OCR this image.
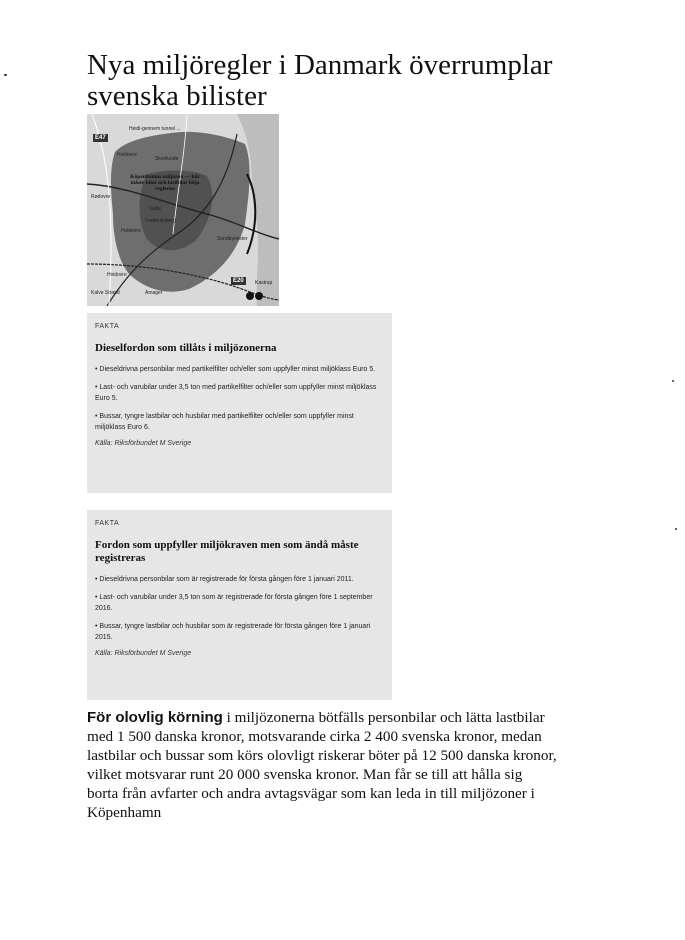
Nya miljöregler i Danmark överrumplar svenska bilister
E47
E20
Heidi-gennem tunnel ...
Hvidovre
Skovlunde
Rødovre
Köpenhamns miljözon — här måste bilar och lastbilar följa reglerna
Valby
Frederiksberg
Hvidovre
Sundbyvester
Hvidovre
Kalve Strand	Amager
Kastrup

FAKTA

Dieselfordon som tillåts i miljözonerna

• Dieseldrivna personbilar med partikelfilter och/eller som uppfyller minst miljöklass Euro 5.

• Last- och varubilar under 3,5 ton med partikelfilter och/eller som uppfyller minst miljöklass Euro 5.

• Bussar, tyngre lastbilar och husbilar med partikelfilter och/eller som uppfyller minst miljöklass Euro 6.

Källa: Riksförbundet M Sverige

FAKTA

Fordon som uppfyller miljökraven men som ändå måste registreras

• Dieseldrivna personbilar som är registrerade för första gången före 1 januari 2011.

• Last- och varubilar under 3,5 ton som är registrerade för första gången före 1 september 2016.

• Bussar, tyngre lastbilar och husbilar som är registrerade för första gången före 1 januari 2015.

Källa: Riksförbundet M Sverige

För olovlig körning i miljözonerna bötfälls personbilar och lätta lastbilar med 1 500 danska kronor, motsvarande cirka 2 400 svenska kronor, medan lastbilar och bussar som körs olovligt riskerar böter på 12 500 danska kronor, vilket motsvarar runt 20 000 svenska kronor. Man får se till att hålla sig borta från avfarter och andra avtagsvägar som kan leda in till miljözoner i Köpenhamn
